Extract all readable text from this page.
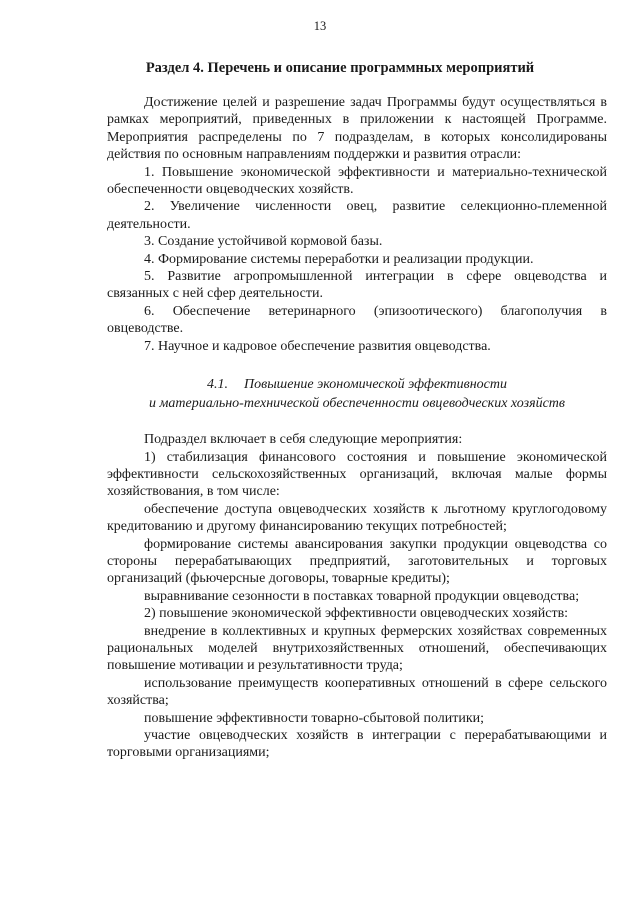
13
Раздел 4. Перечень и описание программных мероприятий

Достижение целей и разрешение задач Программы будут осуществляться в рамках мероприятий, приведенных в приложении к настоящей Программе. Мероприятия распределены по 7 подразделам, в которых консолидированы действия по основным направлениям поддержки и развития отрасли:

1. Повышение экономической эффективности и материально-технической обеспеченности овцеводческих хозяйств.

2. Увеличение численности овец, развитие селекционно-племенной деятельности.

3. Создание устойчивой кормовой базы.

4. Формирование системы переработки и реализации продукции.

5. Развитие агропромышленной интеграции в сфере овцеводства и связанных с ней сфер деятельности.

6. Обеспечение ветеринарного (эпизоотического) благополучия в овцеводстве.

7. Научное и кадровое обеспечение развития овцеводства.

4.1. Повышение экономической эффективности
и материально-технической обеспеченности овцеводческих хозяйств

Подраздел включает в себя следующие мероприятия:

1) стабилизация финансового состояния и повышение экономической эффективности сельскохозяйственных организаций, включая малые формы хозяйствования, в том числе:

обеспечение доступа овцеводческих хозяйств к льготному круглогодовому кредитованию и другому финансированию текущих потребностей;

формирование системы авансирования закупки продукции овцеводства со стороны перерабатывающих предприятий, заготовительных и торговых организаций (фьючерсные договоры, товарные кредиты);

выравнивание сезонности в поставках товарной продукции овцеводства;

2) повышение экономической эффективности овцеводческих хозяйств:

внедрение в коллективных и крупных фермерских хозяйствах современных рациональных моделей внутрихозяйственных отношений, обеспечивающих повышение мотивации и результативности труда;

использование преимуществ кооперативных отношений в сфере сельского хозяйства;

повышение эффективности товарно-сбытовой политики;

участие овцеводческих хозяйств в интеграции с перерабатывающими и торговыми организациями;
